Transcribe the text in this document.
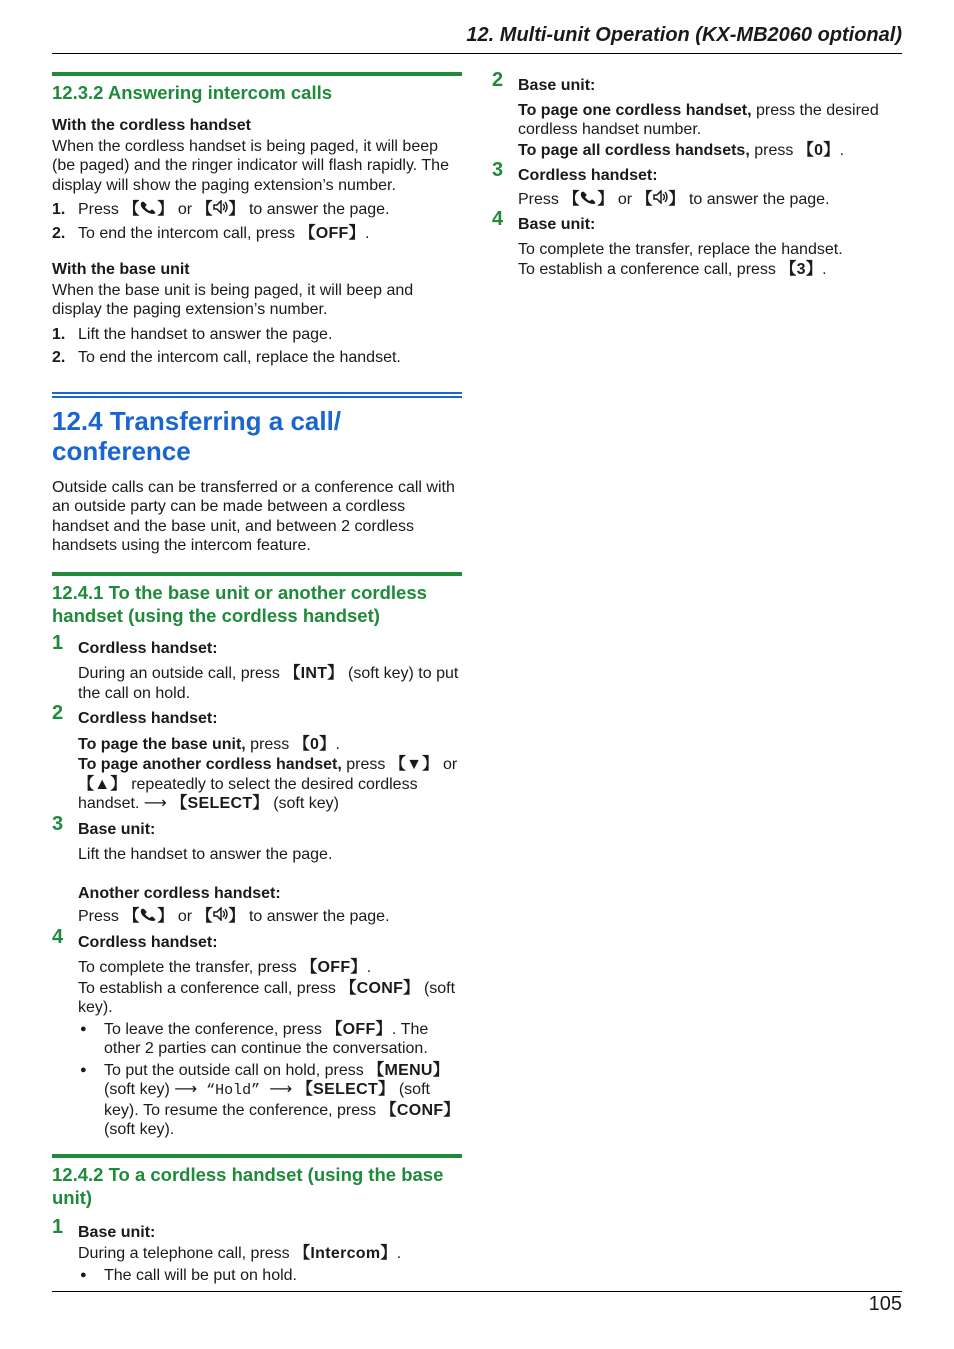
12. Multi-unit Operation (KX-MB2060 optional)
12.3.2 Answering intercom calls
With the cordless handset

When the cordless handset is being paged, it will beep (be paged) and the ringer indicator will flash rapidly. The display will show the paging extension’s number.

1. Press 【 】 or 【 】 to answer the page.
2. To end the intercom call, press 【OFF】.
With the base unit

When the base unit is being paged, it will beep and display the paging extension’s number.

1. Lift the handset to answer the page.
2. To end the intercom call, replace the handset.
12.4 Transferring a call/
conference

Outside calls can be transferred or a conference call with an outside party can be made between a cordless handset and the base unit, and between 2 cordless handsets using the intercom feature.

12.4.1 To the base unit or another cordless handset (using the cordless handset)
1 Cordless handset:

During an outside call, press 【INT】 (soft key) to put the call on hold.

2 Cordless handset:

To page the base unit, press 【0】.

To page another cordless handset, press 【▼】 or 【▲】 repeatedly to select the desired cordless handset. ⟶ 【SELECT】 (soft key)

3 Base unit:

Lift the handset to answer the page.

Another cordless handset:

Press 【 】 or 【 】 to answer the page.

4 Cordless handset:

To complete the transfer, press 【OFF】.

To establish a conference call, press 【CONF】 (soft key).

● To leave the conference, press 【OFF】. The other 2 parties can continue the conversation.
● To put the outside call on hold, press 【MENU】 (soft key) ⟶ “Hold” ⟶ 【SELECT】 (soft key). To resume the conference, press 【CONF】 (soft key).
12.4.2 To a cordless handset (using the base unit)
1 Base unit:

During a telephone call, press 【Intercom】.

● The call will be put on hold.
2 Base unit:

To page one cordless handset, press the desired cordless handset number.

To page all cordless handsets, press 【0】.

3 Cordless handset:

Press 【 】 or 【 】 to answer the page.

4 Base unit:

To complete the transfer, replace the handset.

To establish a conference call, press 【3】.

105
